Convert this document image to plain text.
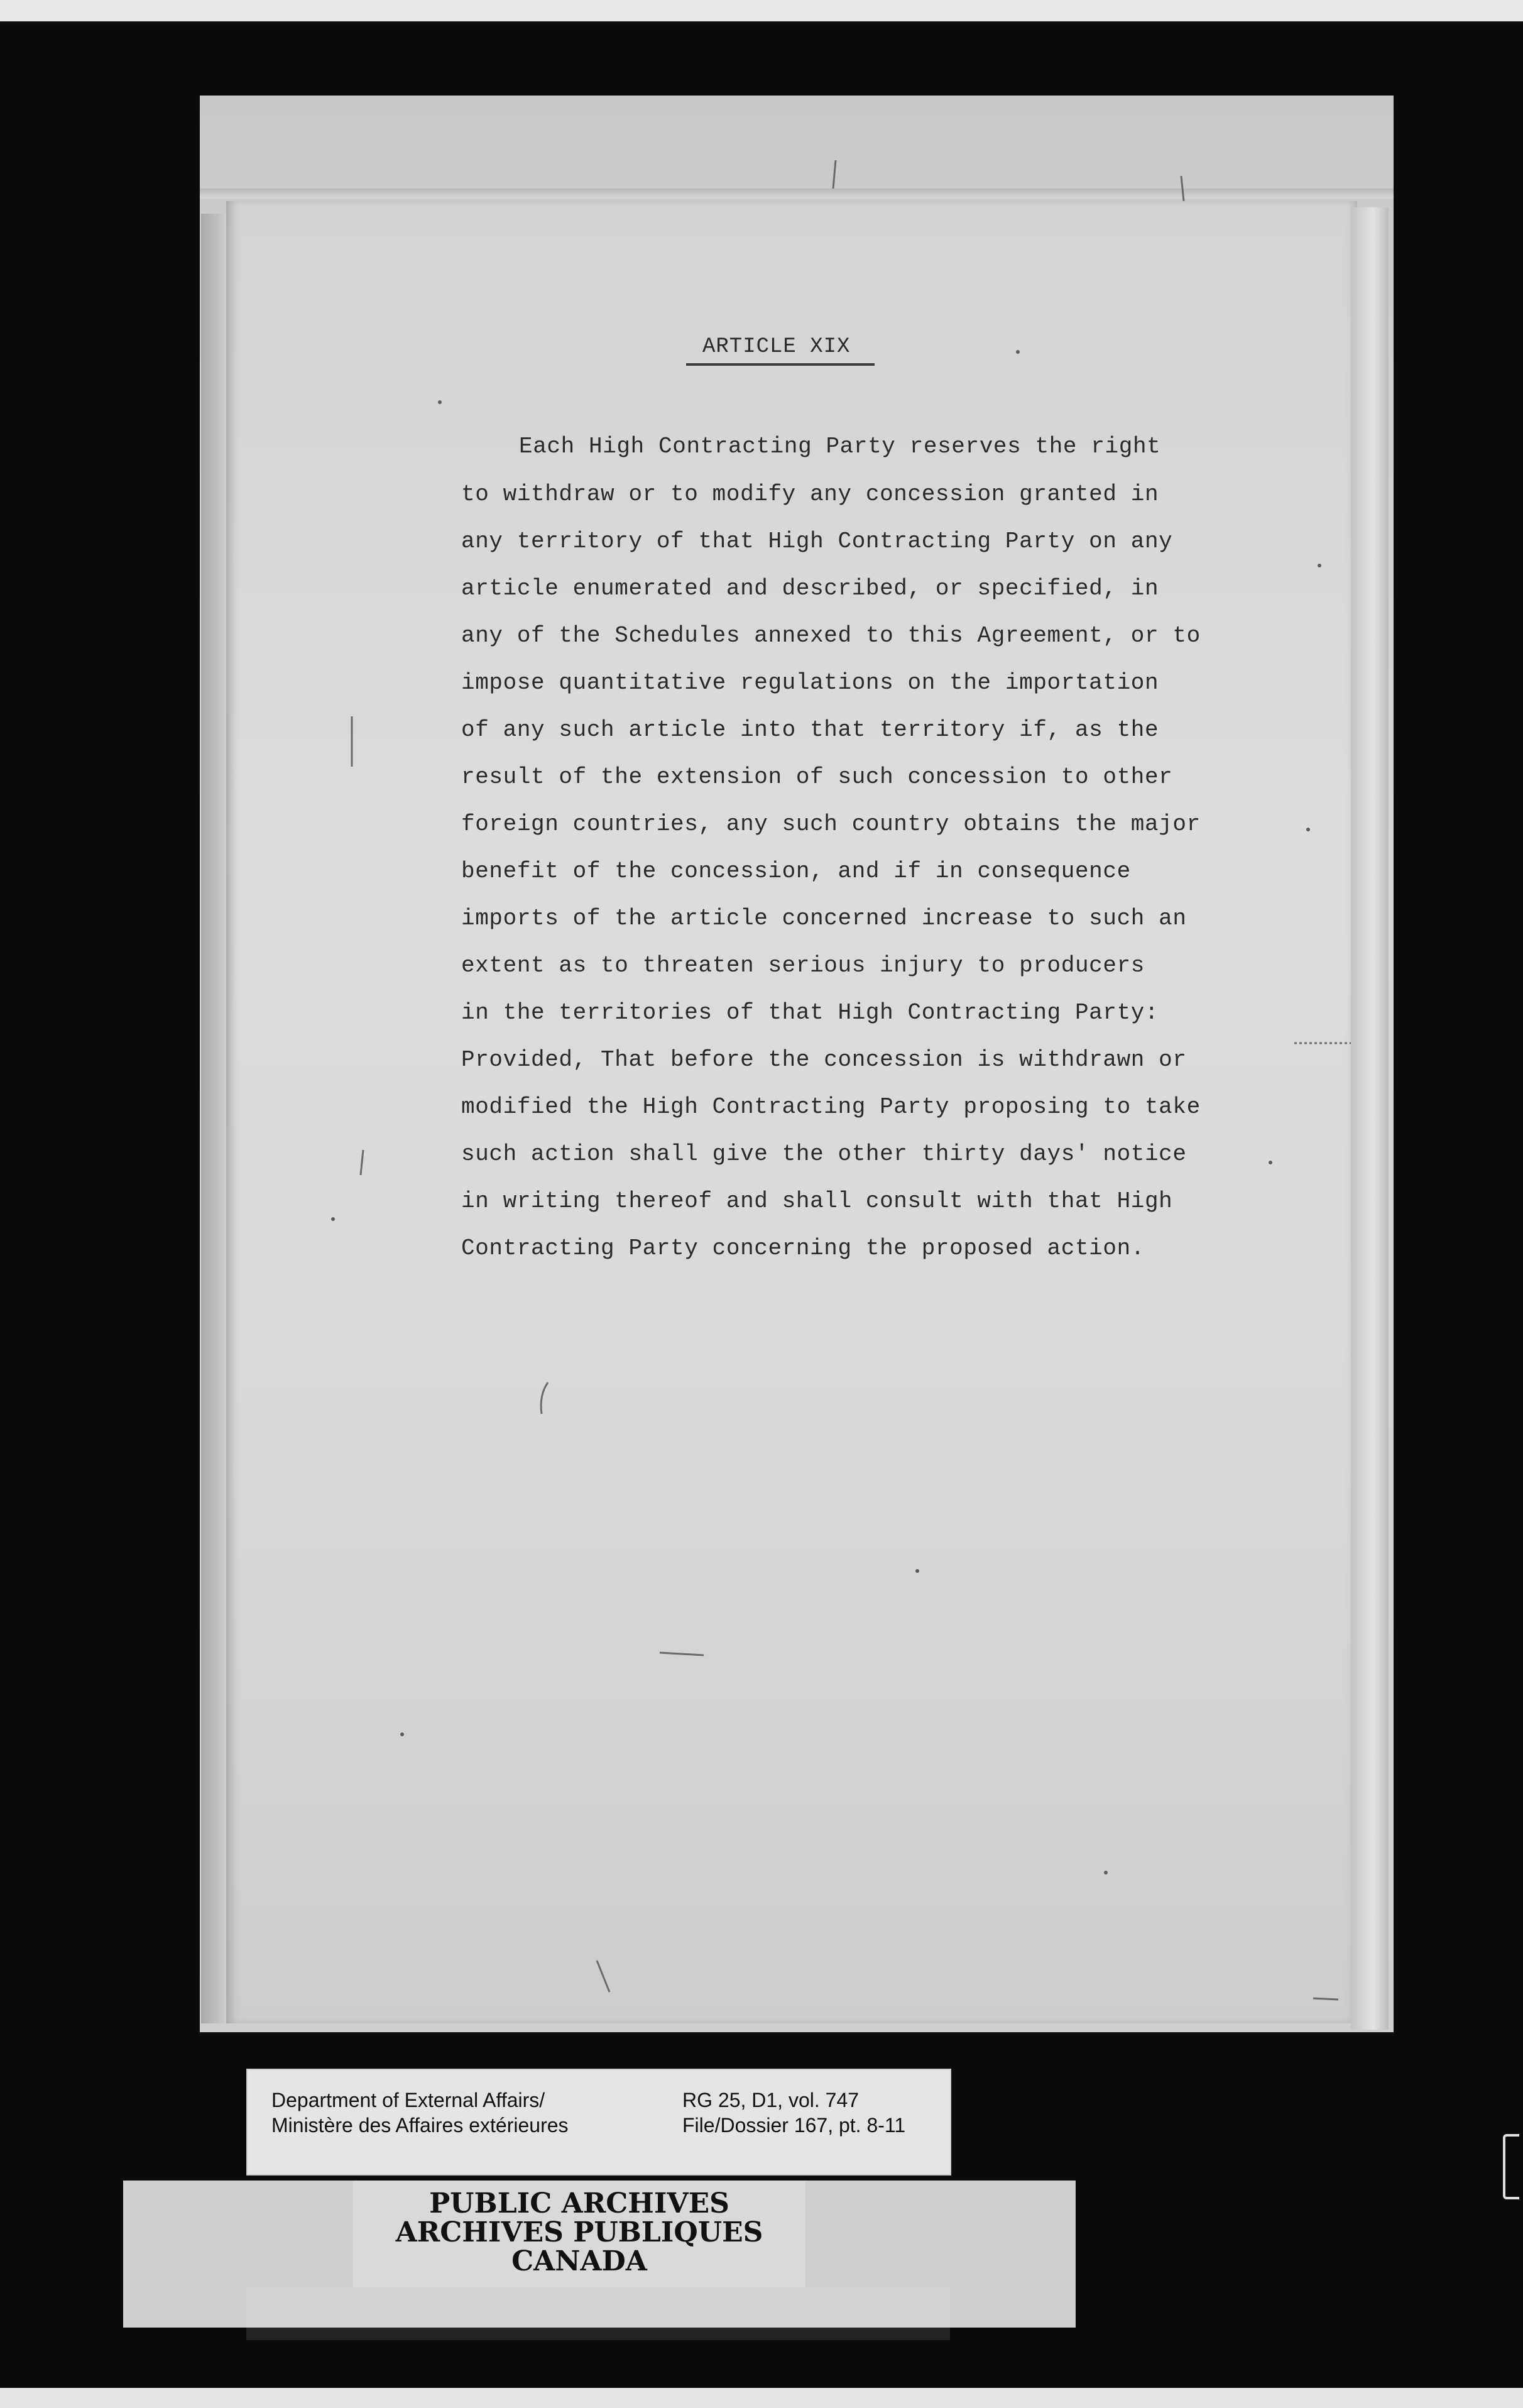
ARTICLE XIX
Each High Contracting Party reserves the right
to withdraw or to modify any concession granted in
any territory of that High Contracting Party on any
article enumerated and described, or specified, in
any of the Schedules annexed to this Agreement, or to
impose quantitative regulations on the importation
of any such article into that territory if, as the
result of the extension of such concession to other
foreign countries, any such country obtains the major
benefit of the concession, and if in consequence
imports of the article concerned increase to such an
extent as to threaten serious injury to producers
in the territories of that High Contracting Party:
Provided, That before the concession is withdrawn or
modified the High Contracting Party proposing to take
such action shall give the other thirty days' notice
in writing thereof and shall consult with that High
Contracting Party concerning the proposed action.
Department of External Affairs/
Ministère des Affaires extérieures
RG 25, D1, vol. 747
File/Dossier 167, pt. 8-11
PUBLIC ARCHIVES
ARCHIVES PUBLIQUES
CANADA
